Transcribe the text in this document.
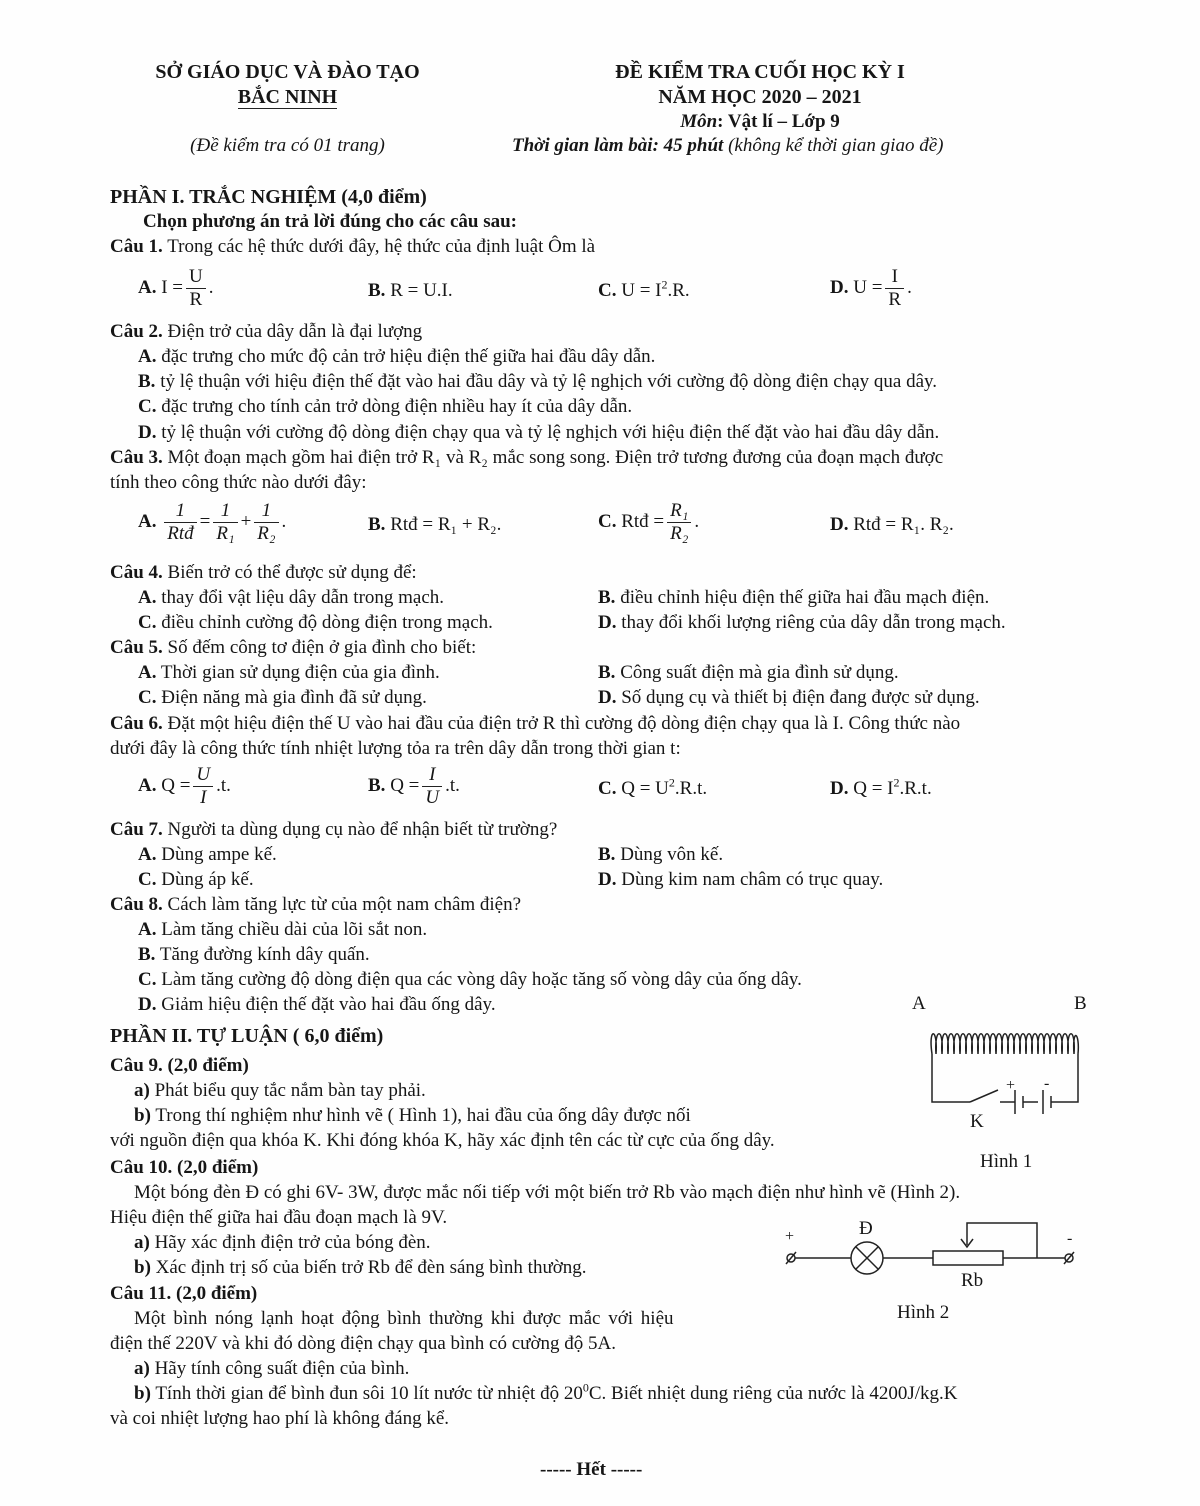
SỞ GIÁO DỤC VÀ ĐÀO TẠO
BẮC NINH
(Đề kiểm tra có 01 trang)
ĐỀ KIỂM TRA CUỐI HỌC KỲ I
NĂM HỌC 2020 – 2021
Môn: Vật lí – Lớp 9
Thời gian làm bài: 45 phút (không kể thời gian giao đề)
PHẦN I. TRẮC NGHIỆM (4,0 điểm)
Chọn phương án trả lời đúng cho các câu sau:
Câu 1. Trong các hệ thức dưới đây, hệ thức của định luật Ôm là
A. $I = \frac{U}{R}$ .	B. R = U.I.	C. $U = I^2.R$.	D. $U = \frac{I}{R}$ .
Câu 2. Điện trở của dây dẫn là đại lượng
A. đặc trưng cho mức độ cản trở hiệu điện thế giữa hai đầu dây dẫn.
B. tỷ lệ thuận với hiệu điện thế đặt vào hai đầu dây và tỷ lệ nghịch với cường độ dòng điện chạy qua dây.
C. đặc trưng cho tính cản trở dòng điện nhiều hay ít của dây dẫn.
D. tỷ lệ thuận với cường độ dòng điện chạy qua và tỷ lệ nghịch với hiệu điện thế đặt vào hai đầu dây dẫn.
Câu 3. Một đoạn mạch gồm hai điện trở R₁ và R₂ mắc song song. Điện trở tương đương của đoạn mạch được
tính theo công thức nào dưới đây:
A. $\frac{1}{\text{Rtđ}} = \frac{1}{\text{R₁}} + \frac{1}{\text{R₂}}$ .	B. Rtđ = R₁ + R₂.	C. Rtđ = $\frac{\text{R₁}}{\text{R₂}}$ .	D. Rtđ = R₁. R₂.
Câu 4. Biến trở có thể được sử dụng để:
A. thay đổi vật liệu dây dẫn trong mạch.	B. điều chỉnh hiệu điện thế giữa hai đầu mạch điện.
C. điều chỉnh cường độ dòng điện trong mạch.	D. thay đổi khối lượng riêng của dây dẫn trong mạch.
Câu 5. Số đếm công tơ điện ở gia đình cho biết:
A. Thời gian sử dụng điện của gia đình.	B. Công suất điện mà gia đình sử dụng.
C. Điện năng mà gia đình đã sử dụng.	D. Số dụng cụ và thiết bị điện đang được sử dụng.
Câu 6. Đặt một hiệu điện thế U vào hai đầu của điện trở R thì cường độ dòng điện chạy qua là I. Công thức nào
dưới đây là công thức tính nhiệt lượng tỏa ra trên dây dẫn trong thời gian t:
A. $Q = \frac{U}{I} .t$.	B. $Q = \frac{I}{U} .t$.	C. $Q = U^2.R.t$.	D. $Q = I^2.R.t$.
Câu 7. Người ta dùng dụng cụ nào để nhận biết từ trường?
A. Dùng ampe kế.	B. Dùng vôn kế.
C. Dùng áp kế.	D. Dùng kim nam châm có trục quay.
Câu 8. Cách làm tăng lực từ của một nam châm điện?
A. Làm tăng chiều dài của lõi sắt non.
B. Tăng đường kính dây quấn.
C. Làm tăng cường độ dòng điện qua các vòng dây hoặc tăng số vòng dây của ống dây.
D. Giảm hiệu điện thế đặt vào hai đầu ống dây.
PHẦN II. TỰ LUẬN ( 6,0 điểm)
Câu 9. (2,0 điểm)
a) Phát biểu quy tắc nắm bàn tay phải.
b) Trong thí nghiệm như hình vẽ ( Hình 1), hai đầu của ống dây được nối
với nguồn điện qua khóa K. Khi đóng khóa K, hãy xác định tên các từ cực của ống dây.
A	B
K
+ -
Hình 1
Câu 10. (2,0 điểm)
Một bóng đèn Đ có ghi 6V- 3W, được mắc nối tiếp với một biến trở Rb vào mạch điện như hình vẽ (Hình 2).
Hiệu điện thế giữa hai đầu đoạn mạch là 9V.
a) Hãy xác định điện trở của bóng đèn.
b) Xác định trị số của biến trở Rb để đèn sáng bình thường.
+	-
Đ
Rb
Hình 2
Câu 11. (2,0 điểm)
Một bình nóng lạnh hoạt động bình thường khi được mắc với hiệu
điện thế 220V và khi đó dòng điện chạy qua bình có cường độ 5A.
a) Hãy tính công suất điện của bình.
b) Tính thời gian để bình đun sôi 10 lít nước từ nhiệt độ $20^0C$. Biết nhiệt dung riêng của nước là 4200J/kg.K
và coi nhiệt lượng hao phí là không đáng kể.
----- Hết -----
